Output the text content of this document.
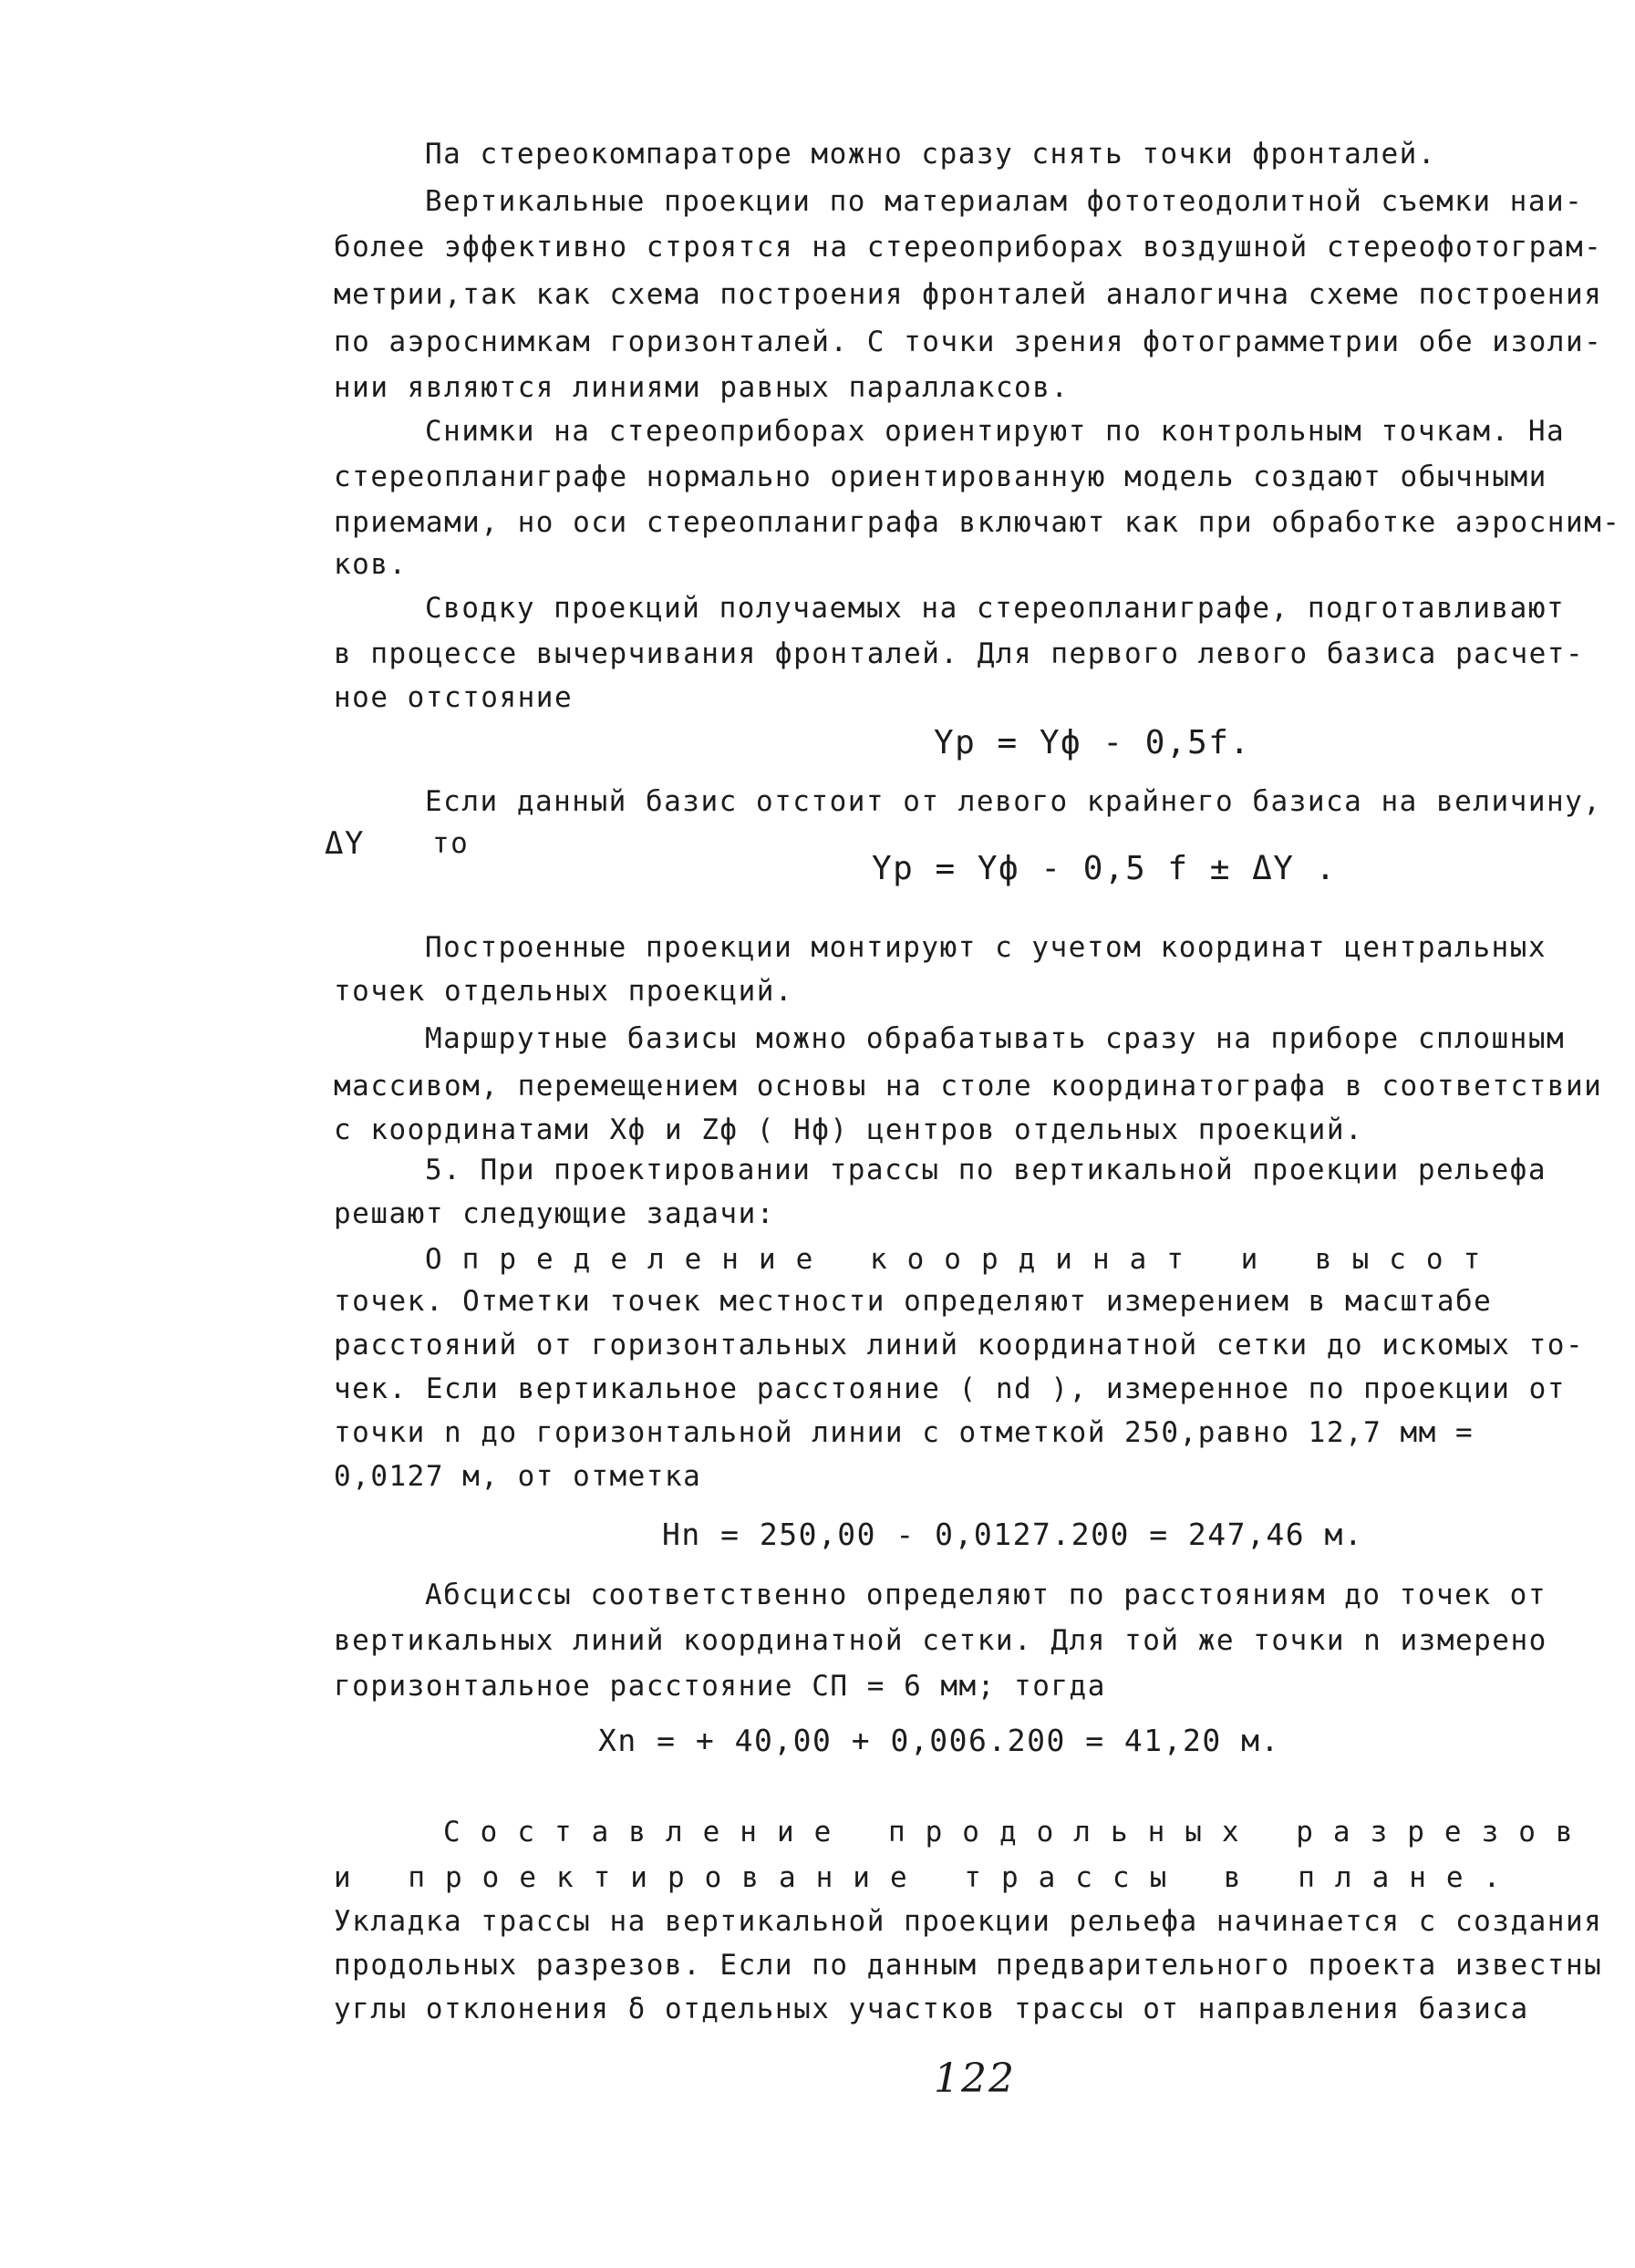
Па стереокомпараторе можно сразу снять точки фронталей.
Вертикальные проекции по материалам фототеодолитной съемки наи-
более эффективно строятся на стереоприборах воздушной стереофотограм-
метрии,так как схема построения фронталей аналогична схеме построения
по аэроснимкам горизонталей. С точки зрения фотограмметрии обе изоли-
нии являются линиями равных параллаксов.
Снимки на стереоприборах ориентируют по контрольным точкам. На
стереопланиграфе нормально ориентированную модель создают обычными
приемами, но оси стереопланиграфа включают как при обработке аэросним-
ков.
Сводку проекций получаемых на стереопланиграфе, подготавливают
в процессе вычерчивания фронталей. Для первого левого базиса расчет-
ное отстояние
Yр = Yф - 0,5f.
Если данный базис отстоит от левого крайнего базиса на величину,
ΔY то
Yр = Yф - 0,5 f ± ΔY .
Построенные проекции монтируют с учетом координат центральных
точек отдельных проекций.
Маршрутные базисы можно обрабатывать сразу на приборе сплошным
массивом, перемещением основы на столе координатографа в соответствии
с координатами Xф и Zф ( Hф) центров отдельных проекций.
5. При проектировании трассы по вертикальной проекции рельефа
решают следующие задачи:
Определение координат и высот
точек. Отметки точек местности определяют измерением в масштабе
расстояний от горизонтальных линий координатной сетки до искомых то-
чек. Если вертикальное расстояние ( nd ), измеренное по проекции от
точки n до горизонтальной линии с отметкой 250,равно 12,7 мм =
0,0127 м, от отметка
Hn = 250,00 - 0,0127.200 = 247,46 м.
Абсциссы соответственно определяют по расстояниям до точек от
вертикальных линий координатной сетки. Для той же точки n измерено
горизонтальное расстояние CП = 6 мм; тогда
Xn = + 40,00 + 0,006.200 = 41,20 м.
Составление продольных разрезов
и проектирование трассы в плане.
Укладка трассы на вертикальной проекции рельефа начинается с создания
продольных разрезов. Если по данным предварительного проекта известны
углы отклонения δ отдельных участков трассы от направления базиса
122
